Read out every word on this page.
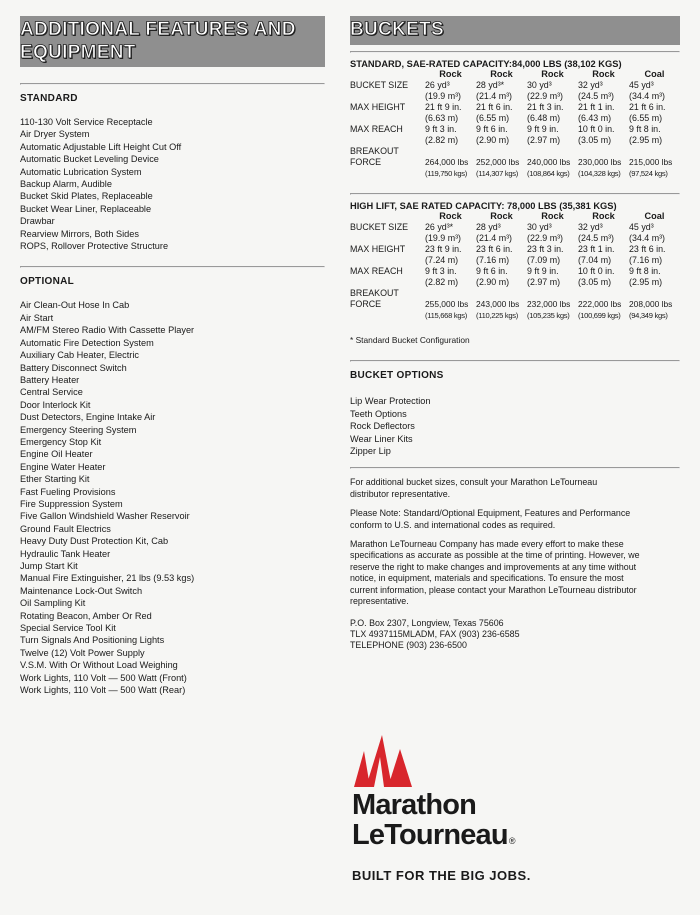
ADDITIONAL FEATURES AND EQUIPMENT
STANDARD
110-130 Volt Service Receptacle
Air Dryer System
Automatic Adjustable Lift Height Cut Off
Automatic Bucket Leveling Device
Automatic Lubrication System
Backup Alarm, Audible
Bucket Skid Plates, Replaceable
Bucket Wear Liner, Replaceable
Drawbar
Rearview Mirrors, Both Sides
ROPS, Rollover Protective Structure
OPTIONAL
Air Clean-Out Hose In Cab
Air Start
AM/FM Stereo Radio With Cassette Player
Automatic Fire Detection System
Auxiliary Cab Heater, Electric
Battery Disconnect Switch
Battery Heater
Central Service
Door Interlock Kit
Dust Detectors, Engine Intake Air
Emergency Steering System
Emergency Stop Kit
Engine Oil Heater
Engine Water Heater
Ether Starting Kit
Fast Fueling Provisions
Fire Suppression System
Five Gallon Windshield Washer Reservoir
Ground Fault Electrics
Heavy Duty Dust Protection Kit, Cab
Hydraulic Tank Heater
Jump Start Kit
Manual Fire Extinguisher, 21 lbs (9.53 kgs)
Maintenance Lock-Out Switch
Oil Sampling Kit
Rotating Beacon, Amber Or Red
Special Service Tool Kit
Turn Signals And Positioning Lights
Twelve (12) Volt Power Supply
V.S.M. With Or Without Load Weighing
Work Lights, 110 Volt — 500 Watt (Front)
Work Lights, 110 Volt — 500 Watt (Rear)
BUCKETS
STANDARD, SAE-RATED CAPACITY:84,000 LBS (38,102 KGS)
	Rock	Rock	Rock	Rock	Coal
BUCKET SIZE	26 yd³	28 yd³*	30 yd³	32 yd³	45 yd³
	(19.9 m³)	(21.4 m³)	(22.9 m³)	(24.5 m³)	(34.4 m³)
MAX HEIGHT	21 ft 9 in.	21 ft 6 in.	21 ft 3 in.	21 ft 1 in.	21 ft 6 in.
	(6.63 m)	(6.55 m)	(6.48 m)	(6.43 m)	(6.55 m)
MAX REACH	9 ft 3 in.	9 ft 6 in.	9 ft 9 in.	10 ft 0 in.	9 ft 8 in.
	(2.82 m)	(2.90 m)	(2.97 m)	(3.05 m)	(2.95 m)
BREAKOUT					
FORCE	264,000 lbs	252,000 lbs	240,000 lbs	230,000 lbs	215,000 lbs
	(119,750 kgs)	(114,307 kgs)	(108,864 kgs)	(104,328 kgs)	(97,524 kgs)
HIGH LIFT, SAE RATED CAPACITY: 78,000 LBS (35,381 KGS)
	Rock	Rock	Rock	Rock	Coal
BUCKET SIZE	26 yd³*	28 yd³	30 yd³	32 yd³	45 yd³
	(19.9 m³)	(21.4 m³)	(22.9 m³)	(24.5 m³)	(34.4 m³)
MAX HEIGHT	23 ft 9 in.	23 ft 6 in.	23 ft 3 in.	23 ft 1 in.	23 ft 6 in.
	(7.24 m)	(7.16 m)	(7.09 m)	(7.04 m)	(7.16 m)
MAX REACH	9 ft 3 in.	9 ft 6 in.	9 ft 9 in.	10 ft 0 in.	9 ft 8 in.
	(2.82 m)	(2.90 m)	(2.97 m)	(3.05 m)	(2.95 m)
BREAKOUT					
FORCE	255,000 lbs	243,000 lbs	232,000 lbs	222,000 lbs	208,000 lbs
	(115,668 kgs)	(110,225 kgs)	(105,235 kgs)	(100,699 kgs)	(94,349 kgs)
* Standard Bucket Configuration
BUCKET OPTIONS
Lip Wear Protection
Teeth Options
Rock Deflectors
Wear Liner Kits
Zipper Lip
For additional bucket sizes, consult your Marathon LeTourneau distributor representative.
Please Note: Standard/Optional Equipment, Features and Performance conform to U.S. and international codes as required.
Marathon LeTourneau Company has made every effort to make these specifications as accurate as possible at the time of printing. However, we reserve the right to make changes and improvements at any time without notice, in equipment, materials and specifications. To ensure the most current information, please contact your Marathon LeTourneau distributor representative.
P.O. Box 2307, Longview, Texas 75606
TLX 4937115MLADM, FAX (903) 236-6585
TELEPHONE (903) 236-6500
Marathon
LeTourneau®
BUILT FOR THE BIG JOBS.
